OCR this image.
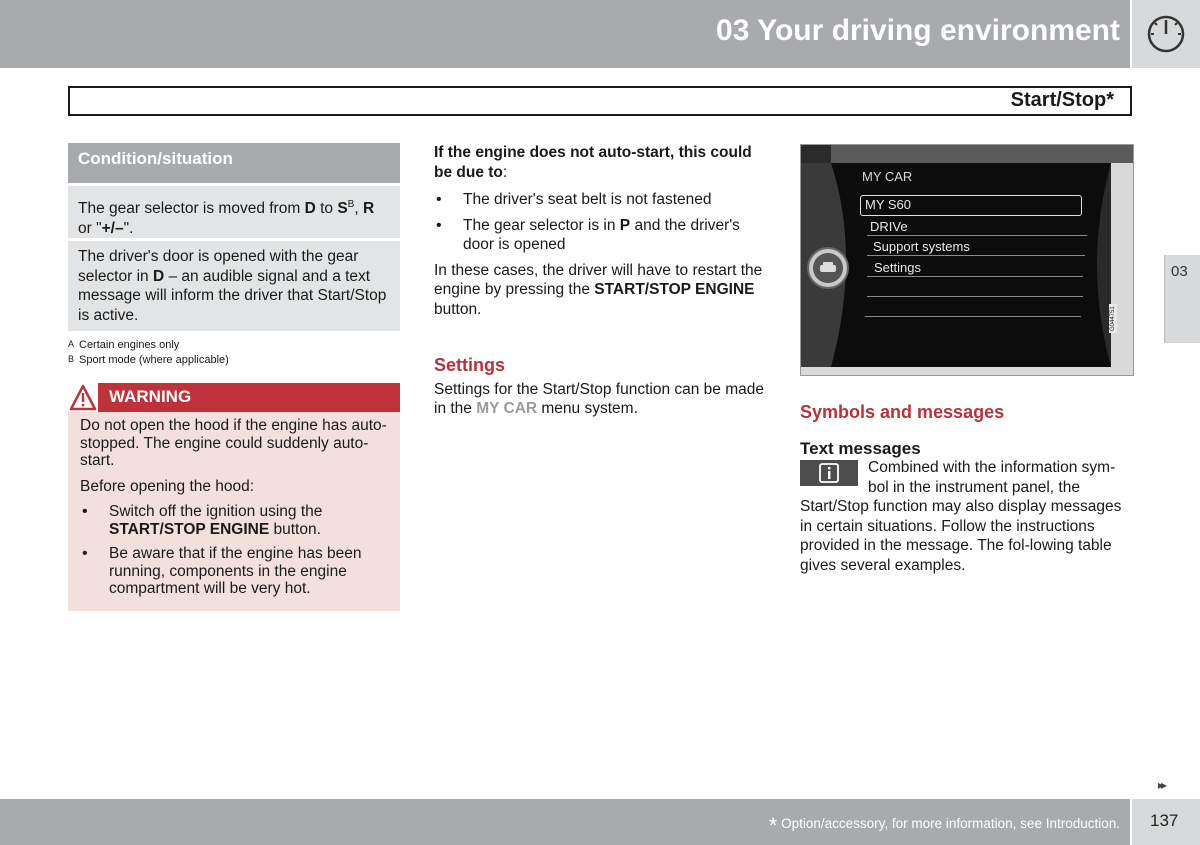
03 Your driving environment
Start/Stop*
03
Condition/situation
The gear selector is moved from D to $S^B$, R or "+/–".
The driver's door is opened with the gear selector in D – an audible signal and a text message will inform the driver that Start/Stop is active.
A Certain engines only
B Sport mode (where applicable)
WARNING

Do not open the hood if the engine has auto-stopped. The engine could suddenly auto-start.

Before opening the hood:

• Switch off the ignition using the START/STOP ENGINE button.
• Be aware that if the engine has been running, components in the engine compartment will be very hot.

If the engine does not auto-start, this could be due to:

• The driver's seat belt is not fastened
• The gear selector is in P and the driver's door is opened

In these cases, the driver will have to restart the engine by pressing the START/STOP ENGINE button.

Settings

Settings for the Start/Stop function can be made in the MY CAR menu system.

MY CAR
MY S60
DRIVe
Support systems
Settings
G044751
Symbols and messages
Text messages

Combined with the information sym-bol in the instrument panel, the Start/Stop function may also display messages in certain situations. Follow the instructions provided in the message. The fol-lowing table gives several examples.

▸▸
* Option/accessory, for more information, see Introduction. 137
